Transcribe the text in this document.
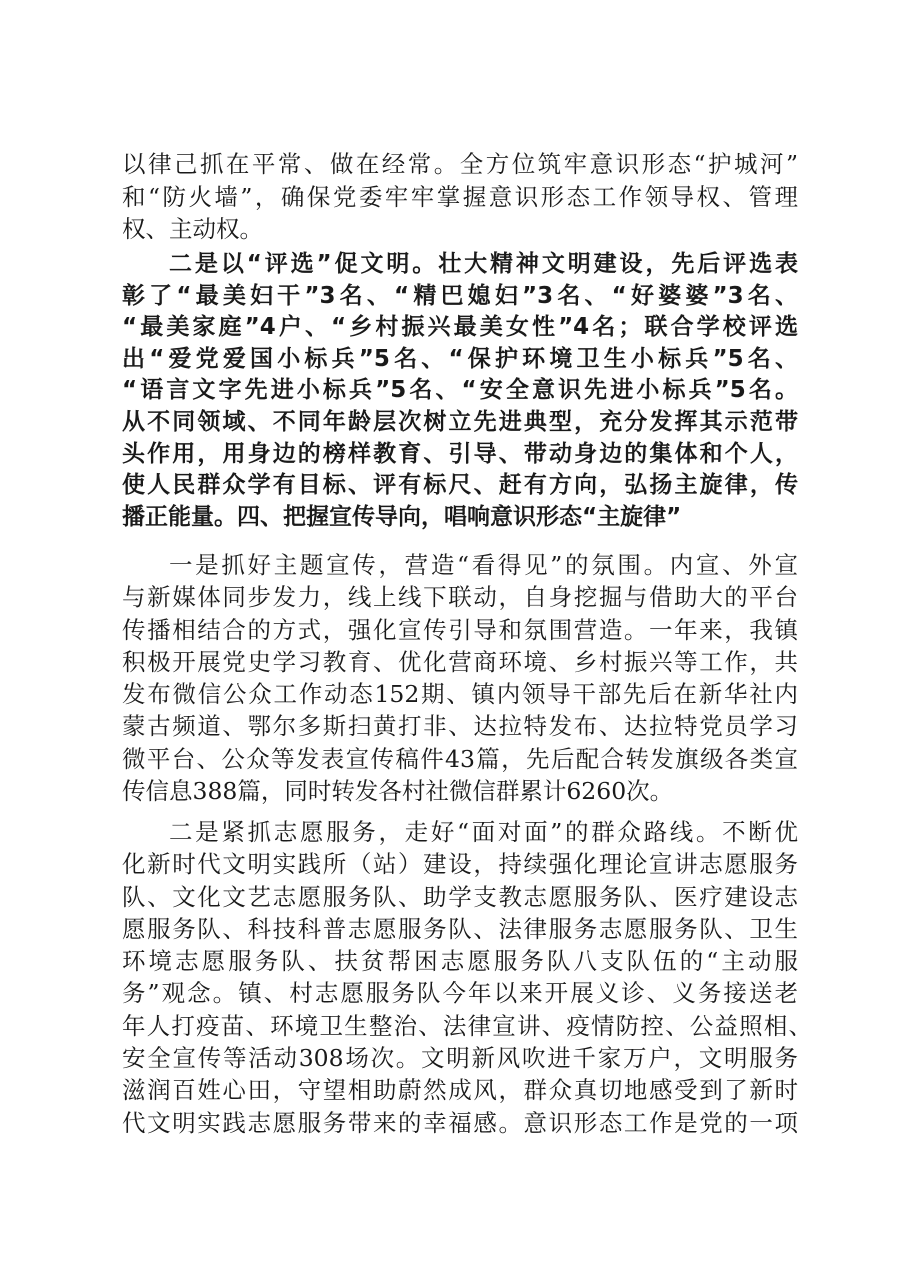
以律己抓在平常、做在经常。全方位筑牢意识形态“护城河”
和“防火墙”，确保党委牢牢掌握意识形态工作领导权、管理
权、主动权。
二是以“评选”促文明。壮大精神文明建设，先后评选表
彰了“最美妇干”3名、“精巴媳妇”3名、“好婆婆”3名、
“最美家庭”4户、“乡村振兴最美女性”4名；联合学校评选
出“爱党爱国小标兵”5名、“保护环境卫生小标兵”5名、
“语言文字先进小标兵”5名、“安全意识先进小标兵”5名。
从不同领域、不同年龄层次树立先进典型，充分发挥其示范带
头作用，用身边的榜样教育、引导、带动身边的集体和个人，
使人民群众学有目标、评有标尺、赶有方向，弘扬主旋律，传
播正能量。四、把握宣传导向，唱响意识形态“主旋律”
一是抓好主题宣传，营造“看得见”的氛围。内宣、外宣
与新媒体同步发力，线上线下联动，自身挖掘与借助大的平台
传播相结合的方式，强化宣传引导和氛围营造。一年来，我镇
积极开展党史学习教育、优化营商环境、乡村振兴等工作，共
发布微信公众工作动态152期、镇内领导干部先后在新华社内
蒙古频道、鄂尔多斯扫黄打非、达拉特发布、达拉特党员学习
微平台、公众等发表宣传稿件43篇，先后配合转发旗级各类宣
传信息388篇，同时转发各村社微信群累计6260次。
二是紧抓志愿服务，走好“面对面”的群众路线。不断优
化新时代文明实践所（站）建设，持续强化理论宣讲志愿服务
队、文化文艺志愿服务队、助学支教志愿服务队、医疗建设志
愿服务队、科技科普志愿服务队、法律服务志愿服务队、卫生
环境志愿服务队、扶贫帮困志愿服务队八支队伍的“主动服
务”观念。镇、村志愿服务队今年以来开展义诊、义务接送老
年人打疫苗、环境卫生整治、法律宣讲、疫情防控、公益照相、
安全宣传等活动308场次。文明新风吹进千家万户，文明服务
滋润百姓心田，守望相助蔚然成风，群众真切地感受到了新时
代文明实践志愿服务带来的幸福感。意识形态工作是党的一项
